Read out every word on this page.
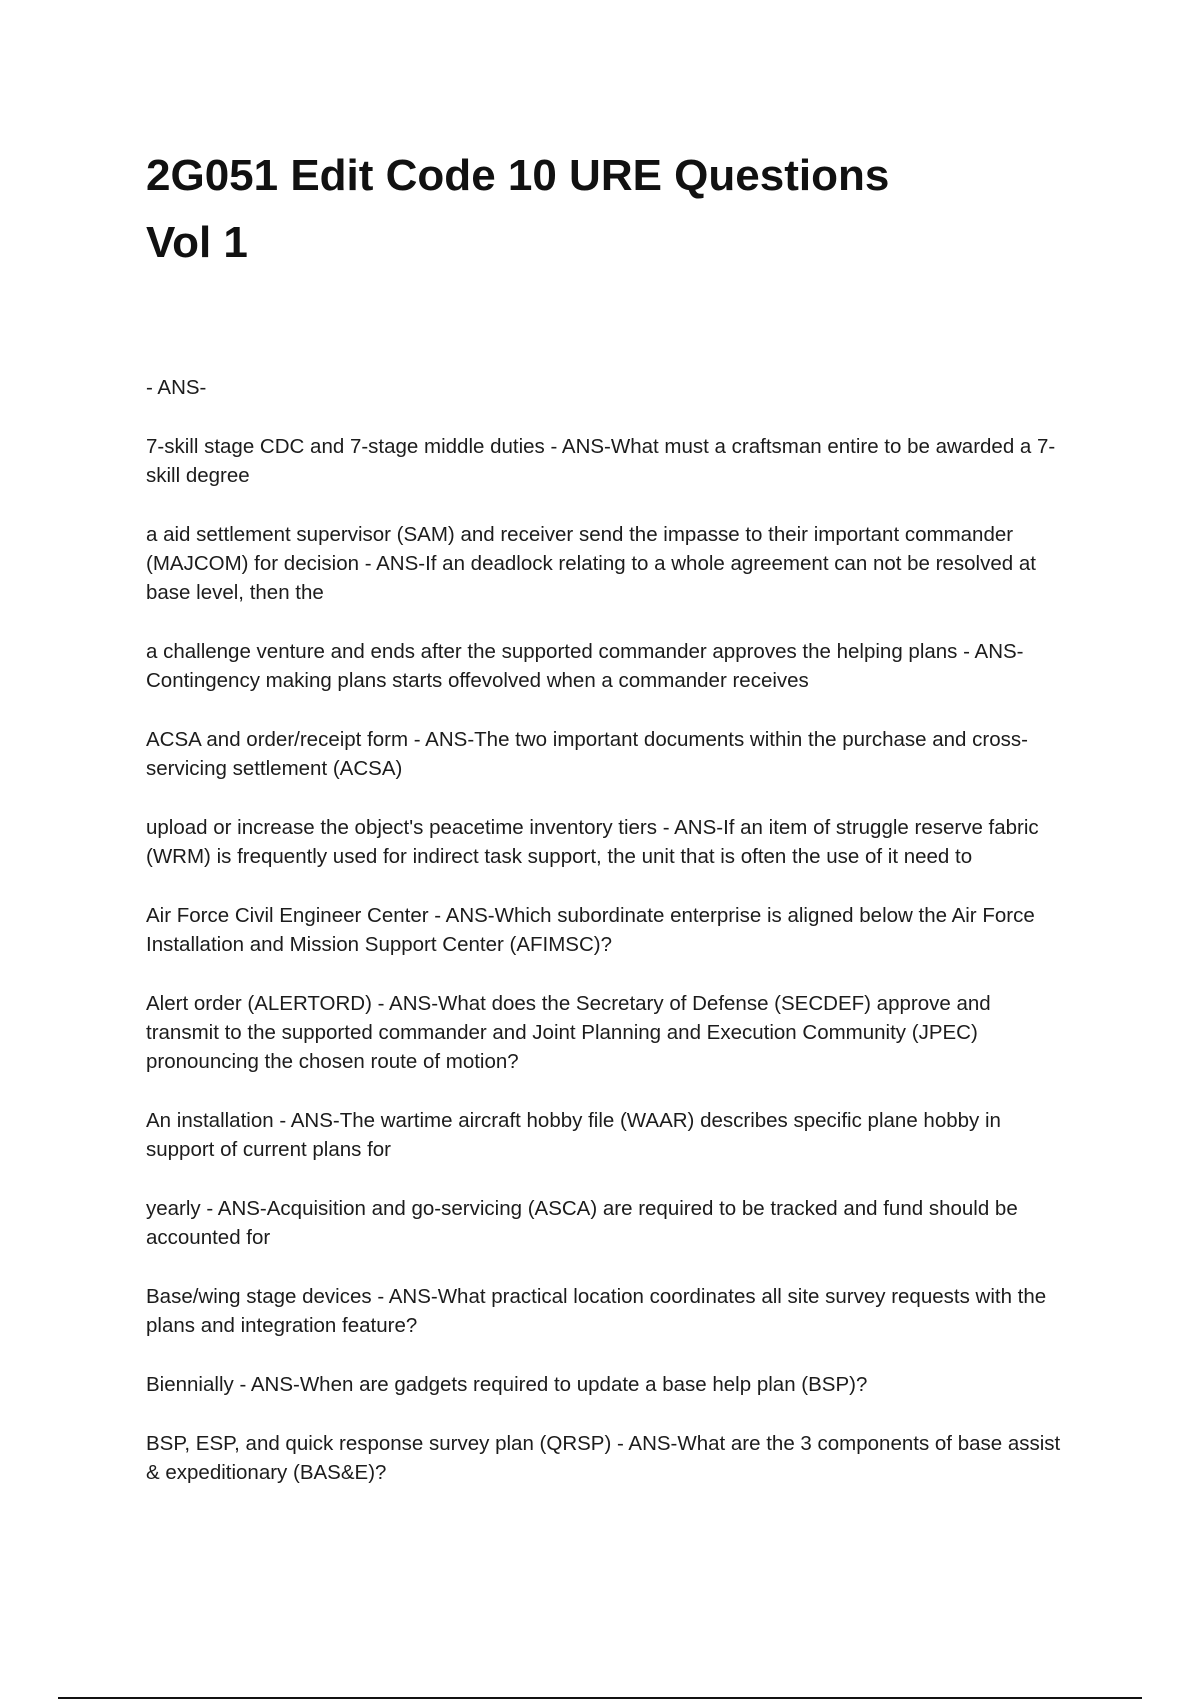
2G051 Edit Code 10 URE Questions
Vol 1

- ANS-

7-skill stage CDC and 7-stage middle duties - ANS-What must a craftsman entire to be awarded a 7-skill degree

a aid settlement supervisor (SAM) and receiver send the impasse to their important commander (MAJCOM) for decision - ANS-If an deadlock relating to a whole agreement can not be resolved at base level, then the

a challenge venture and ends after the supported commander approves the helping plans - ANS-Contingency making plans starts offevolved when a commander receives

ACSA and order/receipt form - ANS-The two important documents within the purchase and cross-servicing settlement (ACSA)

upload or increase the object's peacetime inventory tiers - ANS-If an item of struggle reserve fabric (WRM) is frequently used for indirect task support, the unit that is often the use of it need to

Air Force Civil Engineer Center - ANS-Which subordinate enterprise is aligned below the Air Force Installation and Mission Support Center (AFIMSC)?

Alert order (ALERTORD) - ANS-What does the Secretary of Defense (SECDEF) approve and transmit to the supported commander and Joint Planning and Execution Community (JPEC) pronouncing the chosen route of motion?

An installation - ANS-The wartime aircraft hobby file (WAAR) describes specific plane hobby in support of current plans for

yearly - ANS-Acquisition and go-servicing (ASCA) are required to be tracked and fund should be accounted for

Base/wing stage devices - ANS-What practical location coordinates all site survey requests with the plans and integration feature?

Biennially - ANS-When are gadgets required to update a base help plan (BSP)?

BSP, ESP, and quick response survey plan (QRSP) - ANS-What are the 3 components of base assist & expeditionary (BAS&E)?
